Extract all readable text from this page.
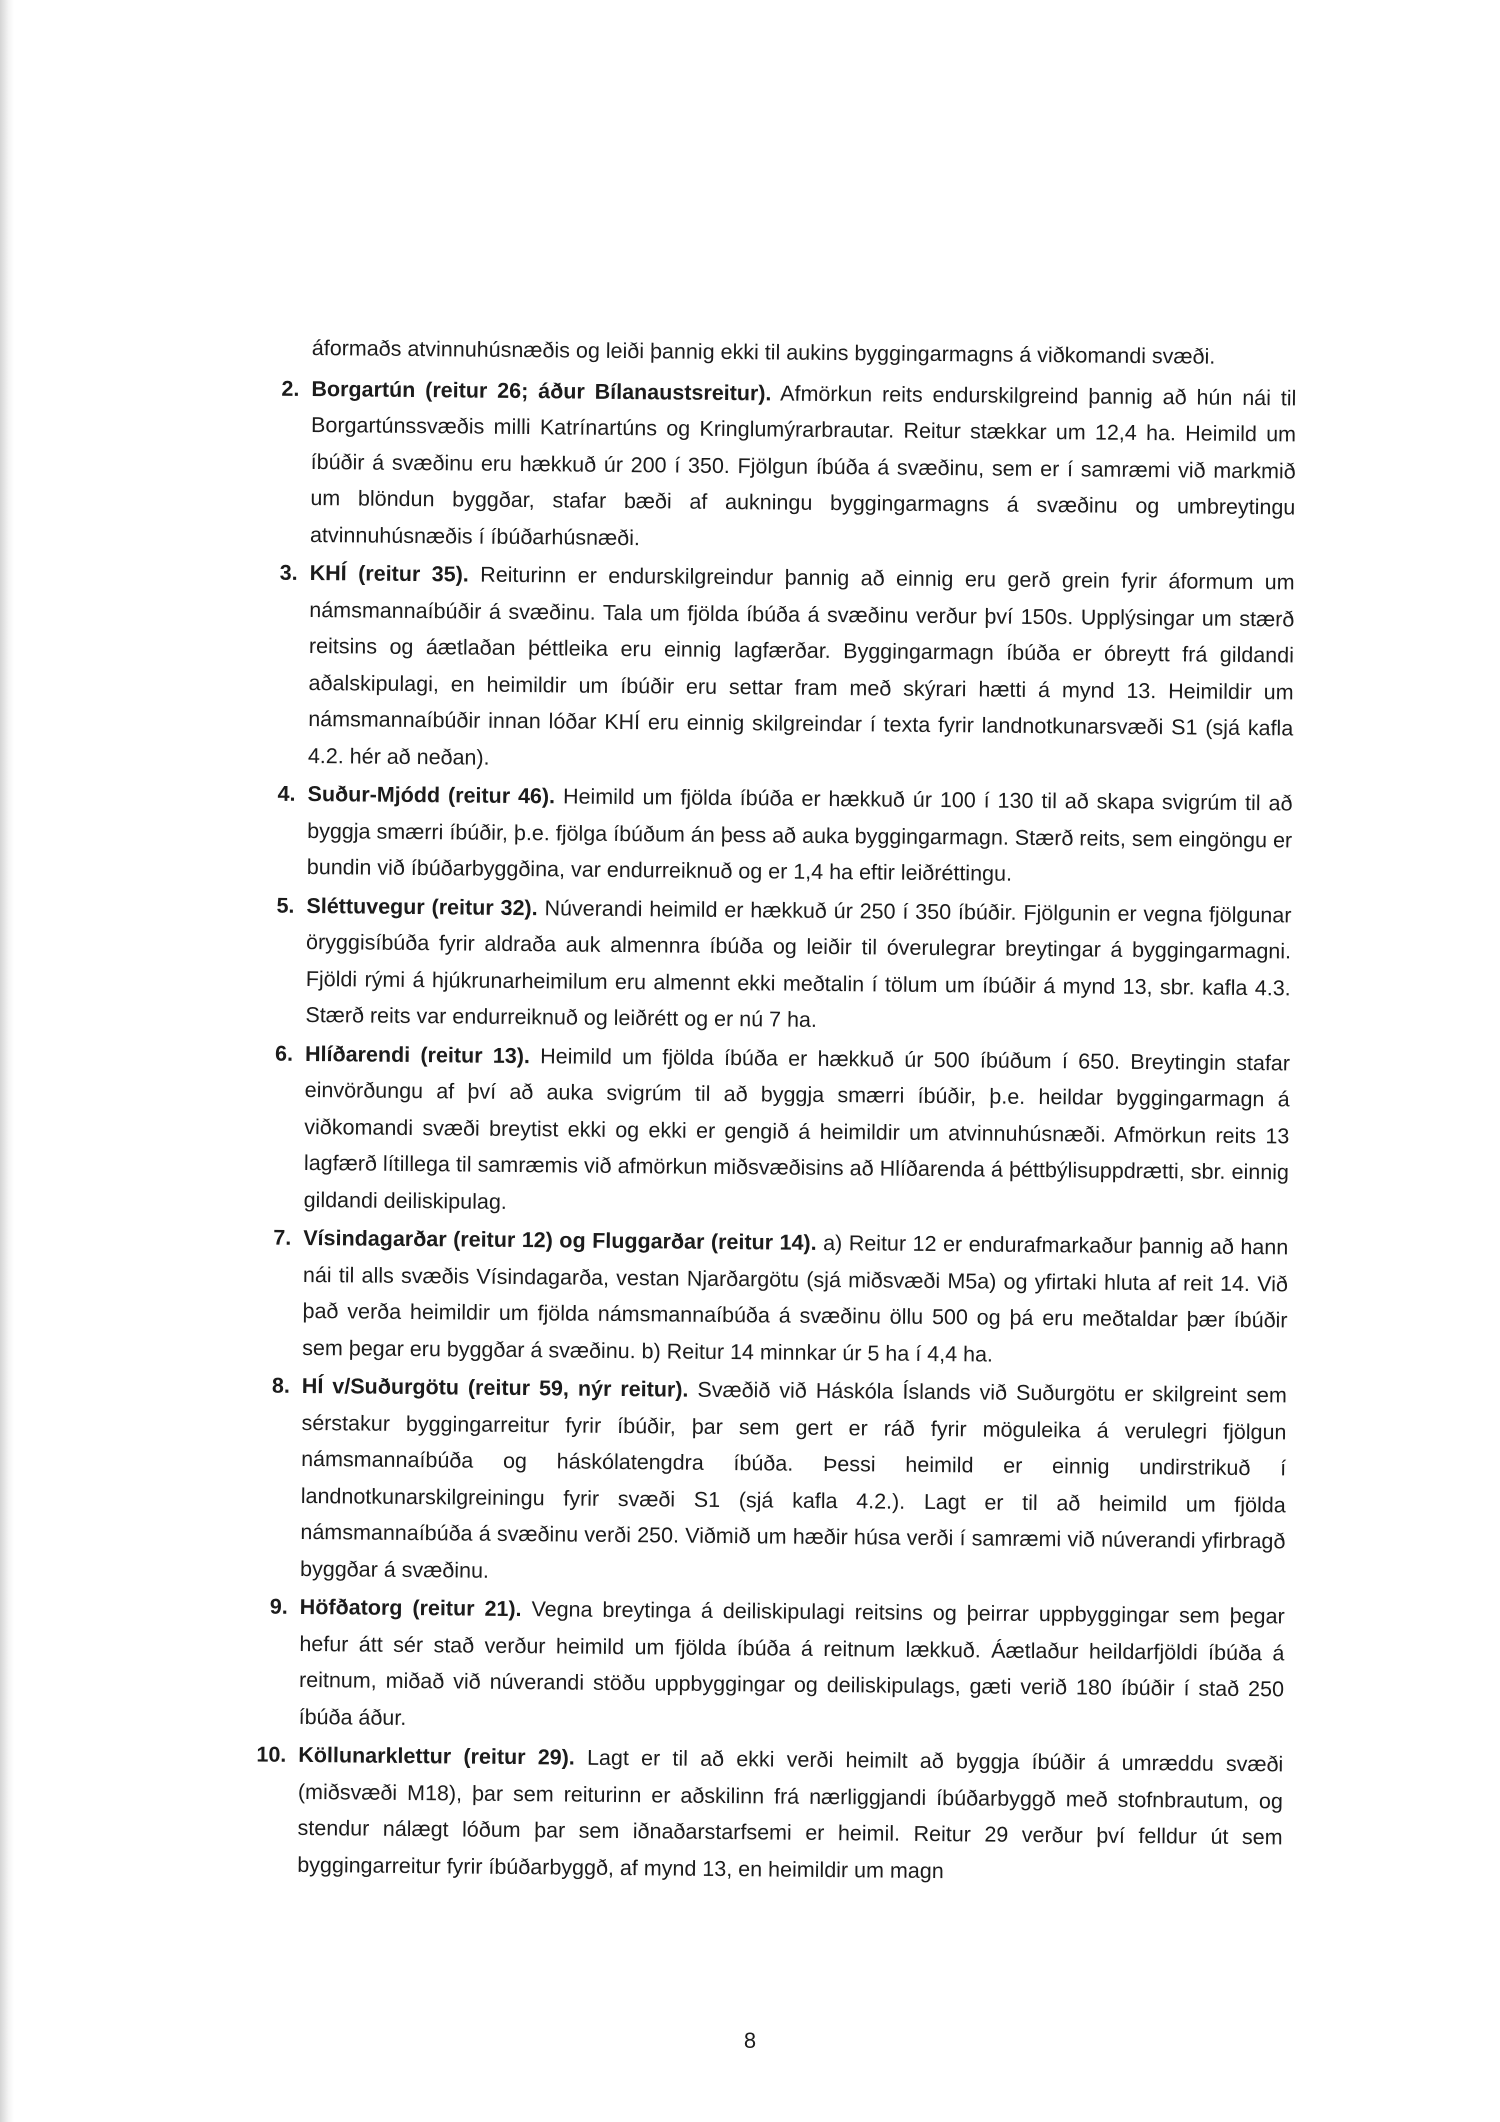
áformaðs atvinnuhúsnæðis og leiði þannig ekki til aukins byggingarmagns á viðkomandi svæði.

2. Borgartún (reitur 26; áður Bílanaustsreitur). Afmörkun reits endurskilgreind þannig að hún nái til Borgartúnssvæðis milli Katrínartúns og Kringlumýrarbrautar. Reitur stækkar um 12,4 ha. Heimild um íbúðir á svæðinu eru hækkuð úr 200 í 350. Fjölgun íbúða á svæðinu, sem er í samræmi við markmið um blöndun byggðar, stafar bæði af aukningu byggingarmagns á svæðinu og umbreytingu atvinnuhúsnæðis í íbúðarhúsnæði.
3. KHÍ (reitur 35). Reiturinn er endurskilgreindur þannig að einnig eru gerð grein fyrir áformum um námsmannaíbúðir á svæðinu. Tala um fjölda íbúða á svæðinu verður því 150s. Upplýsingar um stærð reitsins og áætlaðan þéttleika eru einnig lagfærðar. Byggingarmagn íbúða er óbreytt frá gildandi aðalskipulagi, en heimildir um íbúðir eru settar fram með skýrari hætti á mynd 13. Heimildir um námsmannaíbúðir innan lóðar KHÍ eru einnig skilgreindar í texta fyrir landnotkunarsvæði S1 (sjá kafla 4.2. hér að neðan).
4. Suður-Mjódd (reitur 46). Heimild um fjölda íbúða er hækkuð úr 100 í 130 til að skapa svigrúm til að byggja smærri íbúðir, þ.e. fjölga íbúðum án þess að auka byggingarmagn. Stærð reits, sem eingöngu er bundin við íbúðarbyggðina, var endurreiknuð og er 1,4 ha eftir leiðréttingu.
5. Sléttuvegur (reitur 32). Núverandi heimild er hækkuð úr 250 í 350 íbúðir. Fjölgunin er vegna fjölgunar öryggisíbúða fyrir aldraða auk almennra íbúða og leiðir til óverulegrar breytingar á byggingarmagni. Fjöldi rými á hjúkrunarheimilum eru almennt ekki meðtalin í tölum um íbúðir á mynd 13, sbr. kafla 4.3. Stærð reits var endurreiknuð og leiðrétt og er nú 7 ha.
6. Hlíðarendi (reitur 13). Heimild um fjölda íbúða er hækkuð úr 500 íbúðum í 650. Breytingin stafar einvörðungu af því að auka svigrúm til að byggja smærri íbúðir, þ.e. heildar byggingarmagn á viðkomandi svæði breytist ekki og ekki er gengið á heimildir um atvinnuhúsnæði. Afmörkun reits 13 lagfærð lítillega til samræmis við afmörkun miðsvæðisins að Hlíðarenda á þéttbýlisuppdrætti, sbr. einnig gildandi deiliskipulag.
7. Vísindagarðar (reitur 12) og Fluggarðar (reitur 14). a) Reitur 12 er endurafmarkaður þannig að hann nái til alls svæðis Vísindagarða, vestan Njarðargötu (sjá miðsvæði M5a) og yfirtaki hluta af reit 14. Við það verða heimildir um fjölda námsmannaíbúða á svæðinu öllu 500 og þá eru meðtaldar þær íbúðir sem þegar eru byggðar á svæðinu. b) Reitur 14 minnkar úr 5 ha í 4,4 ha.
8. HÍ v/Suðurgötu (reitur 59, nýr reitur). Svæðið við Háskóla Íslands við Suðurgötu er skilgreint sem sérstakur byggingarreitur fyrir íbúðir, þar sem gert er ráð fyrir möguleika á verulegri fjölgun námsmannaíbúða og háskólatengdra íbúða. Þessi heimild er einnig undirstrikuð í landnotkunarskilgreiningu fyrir svæði S1 (sjá kafla 4.2.). Lagt er til að heimild um fjölda námsmannaíbúða á svæðinu verði 250. Viðmið um hæðir húsa verði í samræmi við núverandi yfirbragð byggðar á svæðinu.
9. Höfðatorg (reitur 21). Vegna breytinga á deiliskipulagi reitsins og þeirrar uppbyggingar sem þegar hefur átt sér stað verður heimild um fjölda íbúða á reitnum lækkuð. Áætlaður heildarfjöldi íbúða á reitnum, miðað við núverandi stöðu uppbyggingar og deiliskipulags, gæti verið 180 íbúðir í stað 250 íbúða áður.
10. Köllunarklettur (reitur 29). Lagt er til að ekki verði heimilt að byggja íbúðir á umræddu svæði (miðsvæði M18), þar sem reiturinn er aðskilinn frá nærliggjandi íbúðarbyggð með stofnbrautum, og stendur nálægt lóðum þar sem iðnaðarstarfsemi er heimil. Reitur 29 verður því felldur út sem byggingarreitur fyrir íbúðarbyggð, af mynd 13, en heimildir um magn
8
